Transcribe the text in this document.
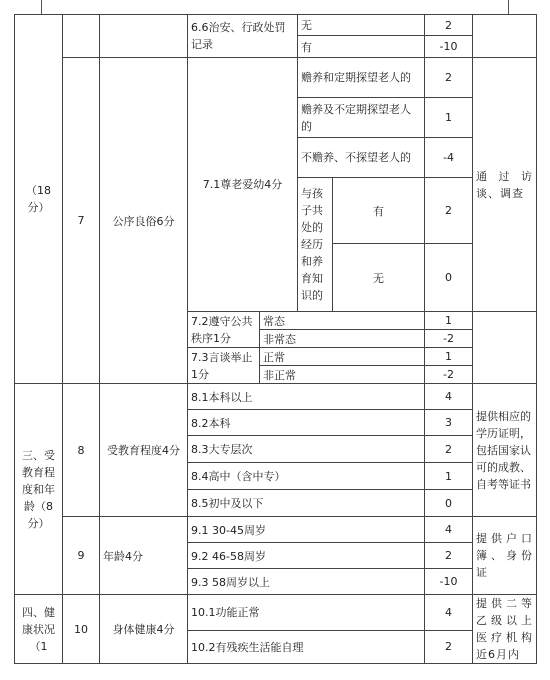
（18分）			6.6治安、行政处罚记录		无		2	
					有		-10	
	7	公序良俗6分	7.1尊老爱幼4分		赡养和定期探望老人的		2	通过访谈、调查
					赡养及不定期探望老人的		1	
					不赡养、不探望老人的		-4	
					与孩子共处的经历和养育知识的	有	2	

						无	0	

			7.2遵守公共秩序1分	常态			1	
				非常态			-2	
			7.3言谈举止1分	正常			1	
				非正常			-2	
三、受教育程度和年龄（8分）	8	受教育程度4分	8.1本科以上				4	提供相应的学历证明，包括国家认可的成教、自考等证书
			8.2本科				3	
			8.3大专层次				2	
			8.4高中（含中专）				1	
			8.5初中及以下				0	
	9	年龄4分	9.1 30-45周岁				4	提供户口簿、身份证
			9.2 46-58周岁				2	
			9.3 58周岁以上				-10	
四、健康状况（1	10	身体健康4分	10.1功能正常				4	提供二等乙级以上医疗机构近6月内
			10.2有残疾生活能自理				2	
